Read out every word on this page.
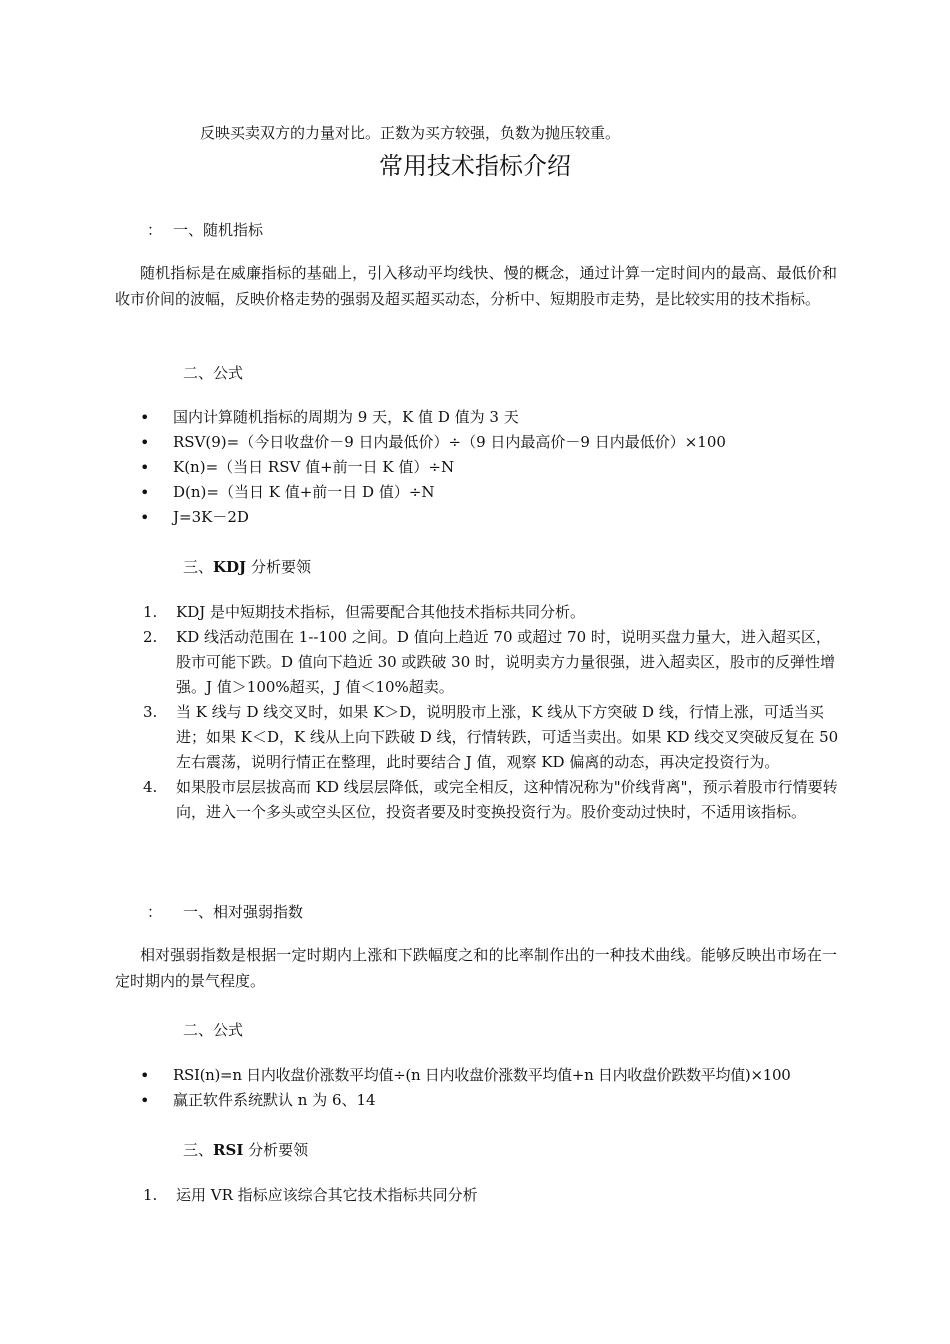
反映买卖双方的力量对比。正数为买方较强，负数为抛压较重。
常用技术指标介绍
： 一、随机指标
随机指标是在威廉指标的基础上，引入移动平均线快、慢的概念，通过计算一定时间内的最高、最低价和收市价间的波幅，反映价格走势的强弱及超买超买动态，分析中、短期股市走势，是比较实用的技术指标。
二、公式
• 国内计算随机指标的周期为 9 天，K 值 D 值为 3 天
• RSV(9)=（今日收盘价－9 日内最低价）÷（9 日内最高价－9 日内最低价）×100
• K(n)=（当日 RSV 值+前一日 K 值）÷N
• D(n)=（当日 K 值+前一日 D 值）÷N
• J=3K－2D
三、KDJ 分析要领
1. KDJ 是中短期技术指标，但需要配合其他技术指标共同分析。
2. KD 线活动范围在 1--100 之间。D 值向上趋近 70 或超过 70 时，说明买盘力量大，进入超买区，股市可能下跌。D 值向下趋近 30 或跌破 30 时，说明卖方力量很强，进入超卖区，股市的反弹性增强。J 值＞100%超买，J 值＜10%超卖。
3. 当 K 线与 D 线交叉时，如果 K＞D，说明股市上涨，K 线从下方突破 D 线，行情上涨，可适当买进；如果 K＜D，K 线从上向下跌破 D 线，行情转跌，可适当卖出。如果 KD 线交叉突破反复在 50 左右震荡，说明行情正在整理，此时要结合 J 值，观察 KD 偏离的动态，再决定投资行为。
4. 如果股市层层拔高而 KD 线层层降低，或完全相反，这种情况称为"价线背离"，预示着股市行情要转向，进入一个多头或空头区位，投资者要及时变换投资行为。股价变动过快时，不适用该指标。
： 一、相对强弱指数
相对强弱指数是根据一定时期内上涨和下跌幅度之和的比率制作出的一种技术曲线。能够反映出市场在一定时期内的景气程度。
二、公式
• RSI(n)=n 日内收盘价涨数平均值÷(n 日内收盘价涨数平均值+n 日内收盘价跌数平均值)×100
• 赢正软件系统默认 n 为 6、14
三、RSI 分析要领
1. 运用 VR 指标应该综合其它技术指标共同分析
